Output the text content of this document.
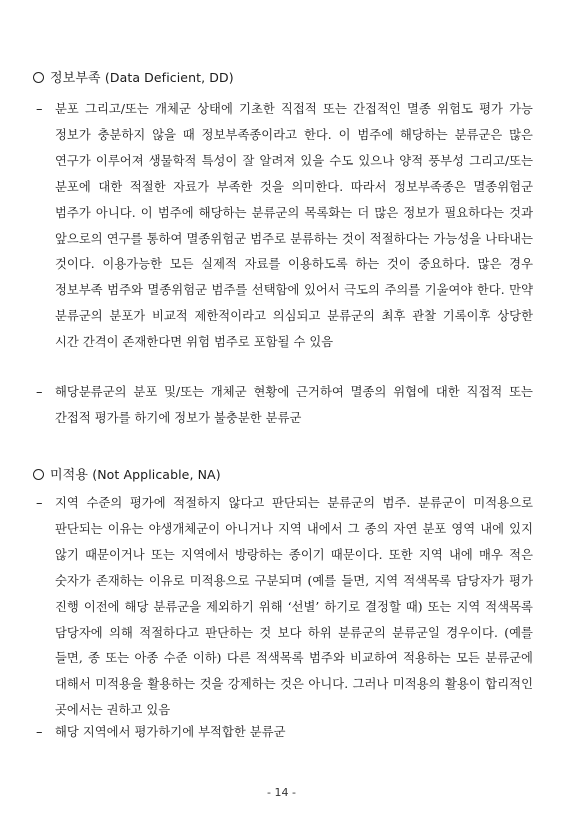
정보부족 (Data Deficient, DD)
– 분포 그리고/또는 개체군 상태에 기초한 직접적 또는 간접적인 멸종 위험도 평가 가능 정보가 충분하지 않을 때 정보부족종이라고 한다. 이 범주에 해당하는 분류군은 많은 연구가 이루어져 생물학적 특성이 잘 알려져 있을 수도 있으나 양적 풍부성 그리고/또는 분포에 대한 적절한 자료가 부족한 것을 의미한다. 따라서 정보부족종은 멸종위험군 범주가 아니다. 이 범주에 해당하는 분류군의 목록화는 더 많은 정보가 필요하다는 것과 앞으로의 연구를 통하여 멸종위험군 범주로 분류하는 것이 적절하다는 가능성을 나타내는 것이다. 이용가능한 모든 실제적 자료를 이용하도록 하는 것이 중요하다. 많은 경우 정보부족 범주와 멸종위험군 범주를 선택함에 있어서 극도의 주의를 기울여야 한다. 만약 분류군의 분포가 비교적 제한적이라고 의심되고 분류군의 최후 관찰 기록이후 상당한 시간 간격이 존재한다면 위험 범주로 포함될 수 있음
– 해당분류군의 분포 및/또는 개체군 현황에 근거하여 멸종의 위협에 대한 직접적 또는 간접적 평가를 하기에 정보가 불충분한 분류군
미적용 (Not Applicable, NA)
– 지역 수준의 평가에 적절하지 않다고 판단되는 분류군의 범주. 분류군이 미적용으로 판단되는 이유는 야생개체군이 아니거나 지역 내에서 그 종의 자연 분포 영역 내에 있지 않기 때문이거나 또는 지역에서 방랑하는 종이기 때문이다. 또한 지역 내에 매우 적은 숫자가 존재하는 이유로 미적용으로 구분되며 (예를 들면, 지역 적색목록 담당자가 평가 진행 이전에 해당 분류군을 제외하기 위해 ‘선별’ 하기로 결정할 때) 또는 지역 적색목록 담당자에 의해 적절하다고 판단하는 것 보다 하위 분류군의 분류군일 경우이다. (예를 들면, 종 또는 아종 수준 이하) 다른 적색목록 범주와 비교하여 적용하는 모든 분류군에 대해서 미적용을 활용하는 것을 강제하는 것은 아니다. 그러나 미적용의 활용이 합리적인 곳에서는 권하고 있음
– 해당 지역에서 평가하기에 부적합한 분류군
- 14 -
